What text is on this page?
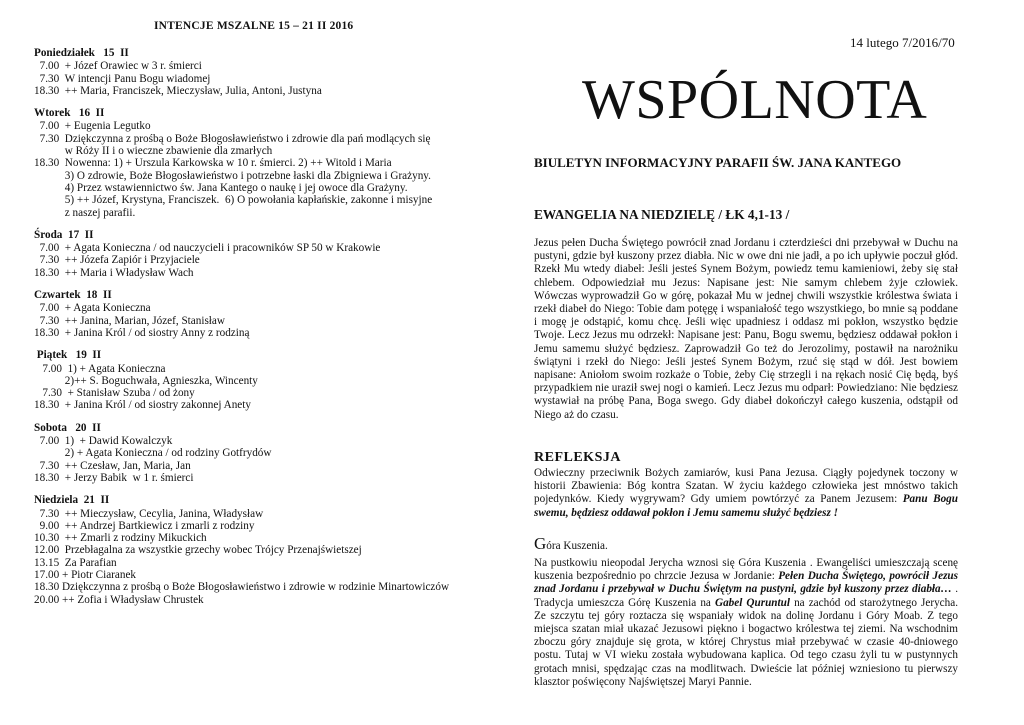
INTENCJE MSZALNE 15 – 21 II 2016
Poniedziałek   15  II
7.00  + Józef Orawiec w 3 r. śmierci
7.30  W intencji Panu Bogu wiadomej
18.30  ++ Maria, Franciszek, Mieczysław, Julia, Antoni, Justyna
Wtorek   16  II
7.00  + Eugenia Legutko
7.30  Dziękczynna z prośbą o Boże Błogosławieństwo i zdrowie dla pań modlących się
w Róży II i o wieczne zbawienie dla zmarłych
18.30  Nowenna: 1) + Urszula Karkowska w 10 r. śmierci. 2) ++ Witold i Maria
3) O zdrowie, Boże Błogosławieństwo i potrzebne łaski dla Zbigniewa i Grażyny.
4) Przez wstawiennictwo św. Jana Kantego o naukę i jej owoce dla Grażyny.
5) ++ Józef, Krystyna, Franciszek.  6) O powołania kapłańskie, zakonne i misyjne
z naszej parafii.
Środa  17  II
7.00  + Agata Konieczna / od nauczycieli i pracowników SP 50 w Krakowie
7.30  ++ Józefa Zapiór i Przyjaciele
18.30  ++ Maria i Władysław Wach
Czwartek  18  II
7.00  + Agata Konieczna
7.30  ++ Janina, Marian, Józef, Stanisław
18.30  + Janina Król / od siostry Anny z rodziną
Piątek   19  II
7.00  1) + Agata Konieczna
2)++ S. Boguchwała, Agnieszka, Wincenty
7.30  + Stanisław Szuba / od żony
18.30  + Janina Król / od siostry zakonnej Anety
Sobota   20  II
7.00  1)  + Dawid Kowalczyk
2) + Agata Konieczna / od rodziny Gotfrydów
7.30  ++ Czesław, Jan, Maria, Jan
18.30  + Jerzy Babik  w 1 r. śmierci
Niedziela  21  II
7.30  ++ Mieczysław, Cecylia, Janina, Władysław
9.00  ++ Andrzej Bartkiewicz i zmarli z rodziny
10.30  ++ Zmarli z rodziny Mikuckich
12.00  Przebłagalna za wszystkie grzechy wobec Trójcy Przenajświetszej
13.15  Za Parafian
17.00 + Piotr Ciaranek
18.30 Dziękczynna z prośbą o Boże Błogosławieństwo i zdrowie w rodzinie Minartowiczów
20.00 ++ Zofia i Władysław Chrustek
14 lutego 7/2016/70
WSPÓLNOTA
BIULETYN INFORMACYJNY PARAFII ŚW. JANA KANTEGO
EWANGELIA NA NIEDZIELĘ / ŁK 4,1-13 /
Jezus pełen Ducha Świętego powrócił znad Jordanu i czterdzieści dni przebywał w Duchu na pustyni, gdzie był kuszony przez diabła. Nic w owe dni nie jadł, a po ich upływie poczuł głód. Rzekł Mu wtedy diabeł: Jeśli jesteś Synem Bożym, powiedz temu kamieniowi, żeby się stał chlebem. Odpowiedział mu Jezus: Napisane jest: Nie samym chlebem żyje człowiek. Wówczas wyprowadził Go w górę, pokazał Mu w jednej chwili wszystkie królestwa świata i rzekł diabeł do Niego: Tobie dam potęgę i wspaniałość tego wszystkiego, bo mnie są poddane i mogę je odstąpić, komu chcę. Jeśli więc upadniesz i oddasz mi pokłon, wszystko będzie Twoje. Lecz Jezus mu odrzekł: Napisane jest: Panu, Bogu swemu, będziesz oddawał pokłon i Jemu samemu służyć będziesz. Zaprowadził Go też do Jerozolimy, postawił na narożniku świątyni i rzekł do Niego: Jeśli jesteś Synem Bożym, rzuć się stąd w dół. Jest bowiem napisane: Aniołom swoim rozkaże o Tobie, żeby Cię strzegli i na rękach nosić Cię będą, byś przypadkiem nie uraził swej nogi o kamień. Lecz Jezus mu odparł: Powiedziano: Nie będziesz wystawiał na próbę Pana, Boga swego. Gdy diabeł dokończył całego kuszenia, odstąpił od Niego aż do czasu.
REFLEKSJA
Odwieczny przeciwnik Bożych zamiarów, kusi Pana Jezusa. Ciągły pojedynek toczony w historii Zbawienia: Bóg kontra Szatan. W życiu każdego człowieka jest mnóstwo takich pojedynków. Kiedy wygrywam? Gdy umiem powtórzyć za Panem Jezusem: Panu Bogu swemu, będziesz oddawał pokłon i Jemu samemu służyć będziesz !
Góra Kuszenia.
Na pustkowiu nieopodal Jerycha wznosi się Góra Kuszenia . Ewangeliści umieszczają scenę kuszenia bezpośrednio po chrzcie Jezusa w Jordanie: Pełen Ducha Świętego, powrócił Jezus znad Jordanu i przebywał w Duchu Świętym na pustyni, gdzie był kuszony przez diabła… . Tradycja umieszcza Górę Kuszenia na Gabel Quruntul na zachód od starożytnego Jerycha. Ze szczytu tej góry roztacza się wspaniały widok na dolinę Jordanu i Góry Moab. Z tego miejsca szatan miał ukazać Jezusowi piękno i bogactwo królestwa tej ziemi. Na wschodnim zboczu góry znajduje się grota, w której Chrystus miał przebywać w czasie 40-dniowego postu. Tutaj w VI wieku została wybudowana kaplica. Od tego czasu żyli tu w pustynnych grotach mnisi, spędzając czas na modlitwach. Dwieście lat później wzniesiono tu pierwszy klasztor poświęcony Najświętszej Maryi Pannie.
